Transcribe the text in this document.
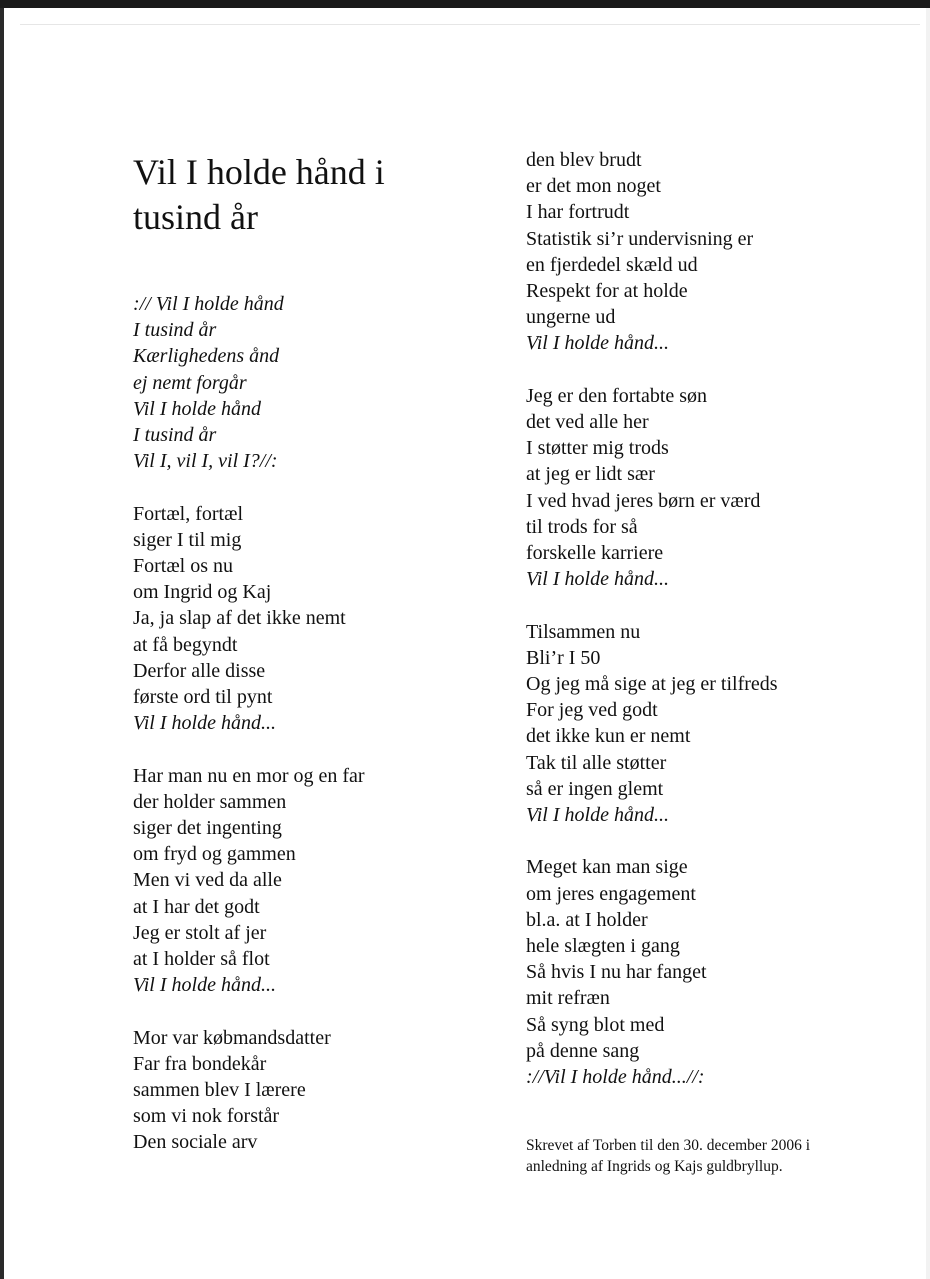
Vil I holde hånd i
tusind år
:// Vil I holde hånd
I tusind år
Kærlighedens ånd
ej nemt forgår
Vil I holde hånd
I tusind år
Vil I, vil I, vil I?//:
Fortæl, fortæl
siger I til mig
Fortæl os nu
om Ingrid og Kaj
Ja, ja slap af det ikke nemt
at få begyndt
Derfor alle disse
første ord til pynt
Vil I holde hånd...
Har man nu en mor og en far
der holder sammen
siger det ingenting
om fryd og gammen
Men vi ved da alle
at I har det godt
Jeg er stolt af jer
at I holder så flot
Vil I holde hånd...
Mor var købmandsdatter
Far fra bondekår
sammen blev I lærere
som vi nok forstår
Den sociale arv
den blev brudt
er det mon noget
I har fortrudt
Statistik si’r undervisning er
en fjerdedel skæld ud
Respekt for at holde
ungerne ud
Vil I holde hånd...
Jeg er den fortabte søn
det ved alle her
I støtter mig trods
at jeg er lidt sær
I ved hvad jeres børn er værd
til trods for så
forskelle karriere
Vil I holde hånd...
Tilsammen nu
Bli’r I 50
Og jeg må sige at jeg er tilfreds
For jeg ved godt
det ikke kun er nemt
Tak til alle støtter
så er ingen glemt
Vil I holde hånd...
Meget kan man sige
om jeres engagement
bl.a. at I holder
hele slægten i gang
Så hvis I nu har fanget
mit refræn
Så syng blot med
på denne sang
://Vil I holde hånd...//:
Skrevet af Torben til den 30. december 2006 i
anledning af Ingrids og Kajs guldbryllup.
